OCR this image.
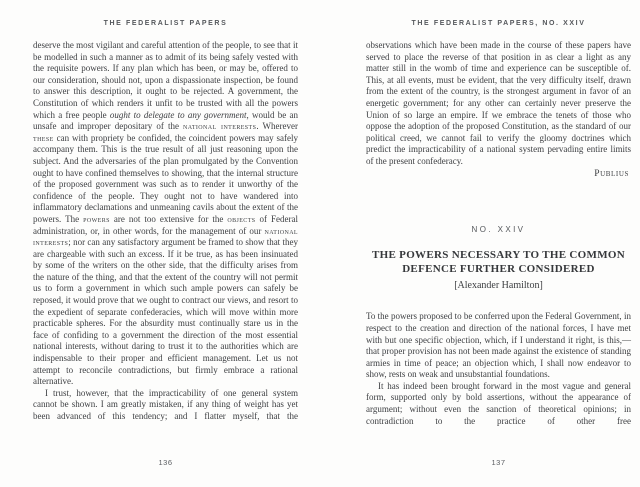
THE FEDERALIST PAPERS

deserve the most vigilant and careful attention of the people, to see that it be modelled in such a manner as to admit of its being safely vested with the requisite powers. If any plan which has been, or may be, offered to our consideration, should not, upon a dispassionate inspection, be found to answer this description, it ought to be rejected. A government, the Constitution of which renders it unfit to be trusted with all the powers which a free people ought to delegate to any government, would be an unsafe and improper depositary of the national interests. Wherever these can with propriety be confided, the coincident powers may safely accompany them. This is the true result of all just reasoning upon the subject. And the adversaries of the plan promulgated by the Convention ought to have confined themselves to showing, that the internal structure of the proposed government was such as to render it unworthy of the confidence of the people. They ought not to have wandered into inflammatory declamations and unmeaning cavils about the extent of the powers. The powers are not too extensive for the objects of Federal administration, or, in other words, for the management of our national interests; nor can any satisfactory argument be framed to show that they are chargeable with such an excess. If it be true, as has been insinuated by some of the writers on the other side, that the difficulty arises from the nature of the thing, and that the extent of the country will not permit us to form a government in which such ample powers can safely be reposed, it would prove that we ought to contract our views, and resort to the expedient of separate confederacies, which will move within more practicable spheres. For the absurdity must continually stare us in the face of confiding to a government the direction of the most essential national interests, without daring to trust it to the authorities which are indispensable to their proper and efficient management. Let us not attempt to reconcile contradictions, but firmly embrace a rational alternative.

I trust, however, that the impracticability of one general system cannot be shown. I am greatly mistaken, if any thing of weight has yet been advanced of this tendency; and I flatter myself, that the

136
THE FEDERALIST PAPERS, NO. XXIV

observations which have been made in the course of these papers have served to place the reverse of that position in as clear a light as any matter still in the womb of time and experience can be susceptible of. This, at all events, must be evident, that the very difficulty itself, drawn from the extent of the country, is the strongest argument in favor of an energetic government; for any other can certainly never preserve the Union of so large an empire. If we embrace the tenets of those who oppose the adoption of the proposed Constitution, as the standard of our political creed, we cannot fail to verify the gloomy doctrines which predict the impracticability of a national system pervading entire limits of the present confederacy.

Publius
NO. XXIV
THE POWERS NECESSARY TO THE COMMON
DEFENCE FURTHER CONSIDERED
[Alexander Hamilton]

To the powers proposed to be conferred upon the Federal Government, in respect to the creation and direction of the national forces, I have met with but one specific objection, which, if I understand it right, is this,—that proper provision has not been made against the existence of standing armies in time of peace; an objection which, I shall now endeavor to show, rests on weak and unsubstantial foundations.

It has indeed been brought forward in the most vague and general form, supported only by bold assertions, without the appearance of argument; without even the sanction of theoretical opinions; in contradiction to the practice of other free

137
